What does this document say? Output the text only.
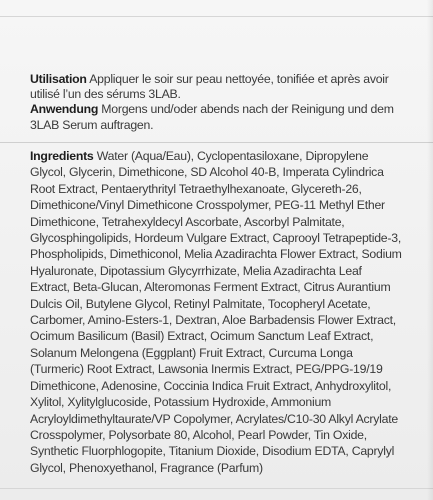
Utilisation Appliquer le soir sur peau nettoyée, tonifiée et après avoir utilisé l’un des sérums 3LAB.

Anwendung Morgens und/oder abends nach der Reinigung und dem 3LAB Serum auftragen.

Ingredients Water (Aqua/Eau), Cyclopentasiloxane, Dipropylene Glycol, Glycerin, Dimethicone, SD Alcohol 40-B, Imperata Cylindrica Root Extract, Pentaerythrityl Tetraethylhexanoate, Glycereth-26, Dimethicone/Vinyl Dimethicone Crosspolymer, PEG-11 Methyl Ether Dimethicone, Tetrahexyldecyl Ascorbate, Ascorbyl Palmitate, Glycosphingolipids, Hordeum Vulgare Extract, Caprooyl Tetrapeptide-3, Phospholipids, Dimethiconol, Melia Azadirachta Flower Extract, Sodium Hyaluronate, Dipotassium Glycyrrhizate, Melia Azadirachta Leaf Extract, Beta-Glucan, Alteromonas Ferment Extract, Citrus Aurantium Dulcis Oil, Butylene Glycol, Retinyl Palmitate, Tocopheryl Acetate, Carbomer, Amino-Esters-1, Dextran, Aloe Barbadensis Flower Extract, Ocimum Basilicum (Basil) Extract, Ocimum Sanctum Leaf Extract, Solanum Melongena (Eggplant) Fruit Extract, Curcuma Longa (Turmeric) Root Extract, Lawsonia Inermis Extract, PEG/PPG-19/19 Dimethicone, Adenosine, Coccinia Indica Fruit Extract, Anhydroxylitol, Xylitol, Xylitylglucoside, Potassium Hydroxide, Ammonium Acryloyldimethyltaurate/VP Copolymer, Acrylates/C10-30 Alkyl Acrylate Crosspolymer, Polysorbate 80, Alcohol, Pearl Powder, Tin Oxide, Synthetic Fluorphlogopite, Titanium Dioxide, Disodium EDTA, Caprylyl Glycol, Phenoxyethanol, Fragrance (Parfum)
